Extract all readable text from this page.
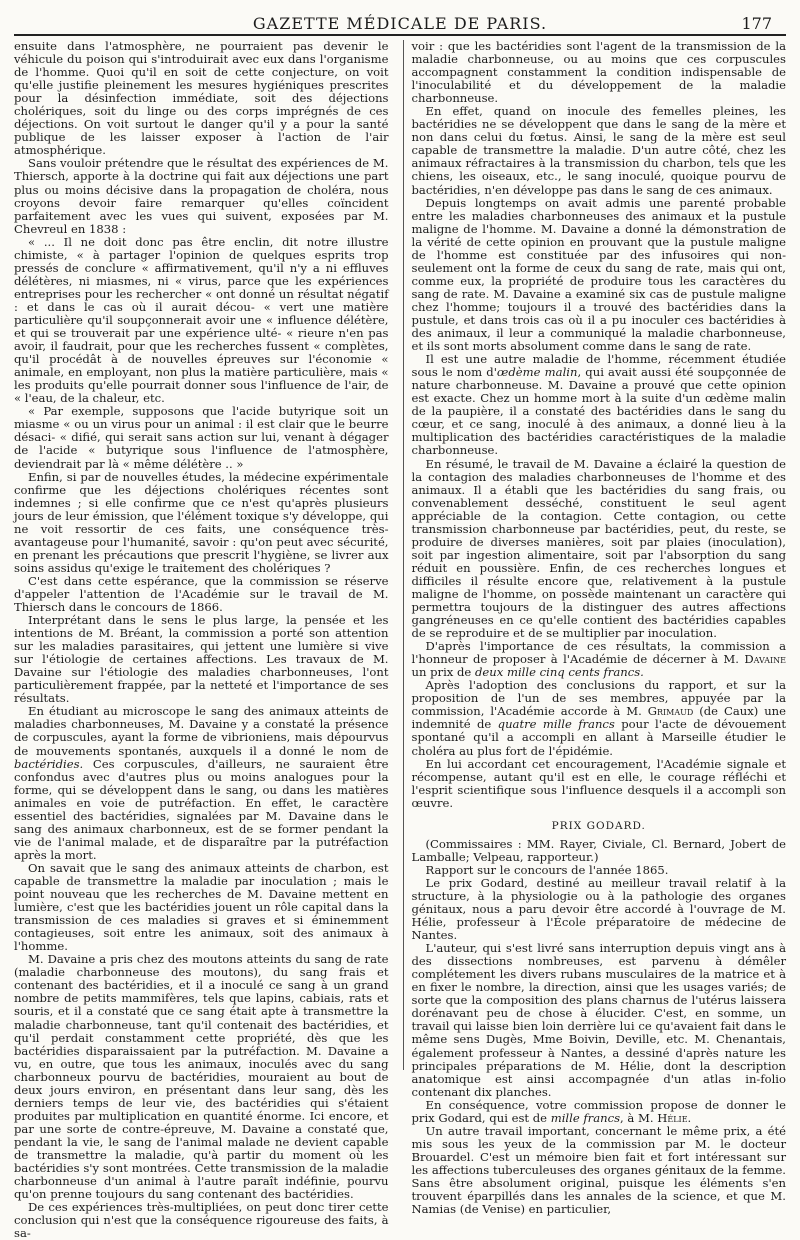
GAZETTE MÉDICALE DE PARIS.	177

ensuite dans l'atmosphère, ne pourraient pas devenir le véhicule du poison qui s'introduirait avec eux dans l'organisme de l'homme. Quoi qu'il en soit de cette conjecture, on voit qu'elle justifie pleinement les mesures hygiéniques prescrites pour la désinfection immédiate, soit des déjections cholériques, soit du linge ou des corps imprégnés de ces déjections. On voit surtout le danger qu'il y a pour la santé publique de les laisser exposer à l'action de l'air atmosphérique.

Sans vouloir prétendre que le résultat des expériences de M. Thiersch, apporte à la doctrine qui fait aux déjections une part plus ou moins décisive dans la propagation de choléra, nous croyons devoir faire remarquer qu'elles coïncident parfaitement avec les vues qui suivent, exposées par M. Chevreul en 1838 :

« ... Il ne doit donc pas être enclin, dit notre illustre chimiste, « à partager l'opinion de quelques esprits trop pressés de conclure « affirmativement, qu'il n'y a ni effluves délétères, ni miasmes, ni « virus, parce que les expériences entreprises pour les rechercher « ont donné un résultat négatif : et dans le cas où il aurait décou- « vert une matière particulière qu'il soupçonnerait avoir une « influence délétère, et qui se trouverait par une expérience ulté- « rieure n'en pas avoir, il faudrait, pour que les recherches fussent « complètes, qu'il procédât à de nouvelles épreuves sur l'économie « animale, en employant, non plus la matière particulière, mais « les produits qu'elle pourrait donner sous l'influence de l'air, de « l'eau, de la chaleur, etc.

« Par exemple, supposons que l'acide butyrique soit un miasme « ou un virus pour un animal : il est clair que le beurre désaci- « difié, qui serait sans action sur lui, venant à dégager de l'acide « butyrique sous l'influence de l'atmosphère, deviendrait par là « même délétère .. »

Enfin, si par de nouvelles études, la médecine expérimentale confirme que les déjections cholériques récentes sont indemnes ; si elle confirme que ce n'est qu'après plusieurs jours de leur émission, que l'élément toxique s'y développe, qui ne voit ressortir de ces faits, une conséquence très-avantageuse pour l'humanité, savoir : qu'on peut avec sécurité, en prenant les précautions que prescrit l'hygiène, se livrer aux soins assidus qu'exige le traitement des cholériques ?

C'est dans cette espérance, que la commission se réserve d'appeler l'attention de l'Académie sur le travail de M. Thiersch dans le concours de 1866.

Interprétant dans le sens le plus large, la pensée et les intentions de M. Bréant, la commission a porté son attention sur les maladies parasitaires, qui jettent une lumière si vive sur l'étiologie de certaines affections. Les travaux de M. Davaine sur l'étiologie des maladies charbonneuses, l'ont particulièrement frappée, par la netteté et l'importance de ses résultats.

En étudiant au microscope le sang des animaux atteints de maladies charbonneuses, M. Davaine y a constaté la présence de corpuscules, ayant la forme de vibrioniens, mais dépourvus de mouvements spontanés, auxquels il a donné le nom de bactéridies. Ces corpuscules, d'ailleurs, ne sauraient être confondus avec d'autres plus ou moins analogues pour la forme, qui se développent dans le sang, ou dans les matières animales en voie de putréfaction. En effet, le caractère essentiel des bactéridies, signalées par M. Davaine dans le sang des animaux charbonneux, est de se former pendant la vie de l'animal malade, et de disparaître par la putréfaction après la mort.

On savait que le sang des animaux atteints de charbon, est capable de transmettre la maladie par inoculation ; mais le point nouveau que les recherches de M. Davaine mettent en lumière, c'est que les bactéridies jouent un rôle capital dans la transmission de ces maladies si graves et si éminemment contagieuses, soit entre les animaux, soit des animaux à l'homme.

M. Davaine a pris chez des moutons atteints du sang de rate (maladie charbonneuse des moutons), du sang frais et contenant des bactéridies, et il a inoculé ce sang à un grand nombre de petits mammifères, tels que lapins, cabiais, rats et souris, et il a constaté que ce sang était apte à transmettre la maladie charbonneuse, tant qu'il contenait des bactéridies, et qu'il perdait constamment cette propriété, dès que les bactéridies disparaissaient par la putréfaction. M. Davaine a vu, en outre, que tous les animaux, inoculés avec du sang charbonneux pourvu de bactéridies, mouraient au bout de deux jours environ, en présentant dans leur sang, dès les derniers temps de leur vie, des bactéridies qui s'étaient produites par multiplication en quantité énorme. Ici encore, et par une sorte de contre-épreuve, M. Davaine a constaté que, pendant la vie, le sang de l'animal malade ne devient capable de transmettre la maladie, qu'à partir du moment où les bactéridies s'y sont montrées. Cette transmission de la maladie charbonneuse d'un animal à l'autre paraît indéfinie, pourvu qu'on prenne toujours du sang contenant des bactéridies.

De ces expériences très-multipliées, on peut donc tirer cette conclusion qui n'est que la conséquence rigoureuse des faits, à sa-

voir : que les bactéridies sont l'agent de la transmission de la maladie charbonneuse, ou au moins que ces corpuscules accompagnent constamment la condition indispensable de l'inoculabilité et du développement de la maladie charbonneuse.

En effet, quand on inocule des femelles pleines, les bactéridies ne se développent que dans le sang de la mère et non dans celui du fœtus. Ainsi, le sang de la mère est seul capable de transmettre la maladie. D'un autre côté, chez les animaux réfractaires à la transmission du charbon, tels que les chiens, les oiseaux, etc., le sang inoculé, quoique pourvu de bactéridies, n'en développe pas dans le sang de ces animaux.

Depuis longtemps on avait admis une parenté probable entre les maladies charbonneuses des animaux et la pustule maligne de l'homme. M. Davaine a donné la démonstration de la vérité de cette opinion en prouvant que la pustule maligne de l'homme est constituée par des infusoires qui non-seulement ont la forme de ceux du sang de rate, mais qui ont, comme eux, la propriété de produire tous les caractères du sang de rate. M. Davaine a examiné six cas de pustule maligne chez l'homme; toujours il a trouvé des bactéridies dans la pustule, et dans trois cas où il a pu inoculer ces bactéridies à des animaux, il leur a communiqué la maladie charbonneuse, et ils sont morts absolument comme dans le sang de rate.

Il est une autre maladie de l'homme, récemment étudiée sous le nom d'œdème malin, qui avait aussi été soupçonnée de nature charbonneuse. M. Davaine a prouvé que cette opinion est exacte. Chez un homme mort à la suite d'un œdème malin de la paupière, il a constaté des bactéridies dans le sang du cœur, et ce sang, inoculé à des animaux, a donné lieu à la multiplication des bactéridies caractéristiques de la maladie charbonneuse.

En résumé, le travail de M. Davaine a éclairé la question de la contagion des maladies charbonneuses de l'homme et des animaux. Il a établi que les bactéridies du sang frais, ou convenablement desséché, constituent le seul agent appréciable de la contagion. Cette contagion, ou cette transmission charbonneuse par bactéridies, peut, du reste, se produire de diverses manières, soit par plaies (inoculation), soit par ingestion alimentaire, soit par l'absorption du sang réduit en poussière. Enfin, de ces recherches longues et difficiles il résulte encore que, relativement à la pustule maligne de l'homme, on possède maintenant un caractère qui permettra toujours de la distinguer des autres affections gangréneuses en ce qu'elle contient des bactéridies capables de se reproduire et de se multiplier par inoculation.

D'après l'importance de ces résultats, la commission a l'honneur de proposer à l'Académie de décerner à M. Davaine un prix de deux mille cinq cents francs.

Après l'adoption des conclusions du rapport, et sur la proposition de l'un de ses membres, appuyée par la commission, l'Académie accorde à M. Grimaud (de Caux) une indemnité de quatre mille francs pour l'acte de dévouement spontané qu'il a accompli en allant à Marseille étudier le choléra au plus fort de l'épidémie.

En lui accordant cet encouragement, l'Académie signale et récompense, autant qu'il est en elle, le courage réfléchi et l'esprit scientifique sous l'influence desquels il a accompli son œuvre.

PRIX GODARD.

(Commissaires : MM. Rayer, Civiale, Cl. Bernard, Jobert de Lamballe; Velpeau, rapporteur.)

Rapport sur le concours de l'année 1865.

Le prix Godard, destiné au meilleur travail relatif à la structure, à la physiologie ou à la pathologie des organes génitaux, nous a paru devoir être accordé à l'ouvrage de M. Hélie, professeur à l'École préparatoire de médecine de Nantes.

L'auteur, qui s'est livré sans interruption depuis vingt ans à des dissections nombreuses, est parvenu à démêler complétement les divers rubans musculaires de la matrice et à en fixer le nombre, la direction, ainsi que les usages variés; de sorte que la composition des plans charnus de l'utérus laissera dorénavant peu de chose à élucider. C'est, en somme, un travail qui laisse bien loin derrière lui ce qu'avaient fait dans le même sens Dugès, Mme Boivin, Deville, etc. M. Chenantais, également professeur à Nantes, a dessiné d'après nature les principales préparations de M. Hélie, dont la description anatomique est ainsi accompagnée d'un atlas in-folio contenant dix planches.

En conséquence, votre commission propose de donner le prix Godard, qui est de mille francs, à M. Hélie.

Un autre travail important, concernant le même prix, a été mis sous les yeux de la commission par M. le docteur Brouardel. C'est un mémoire bien fait et fort intéressant sur les affections tuberculeuses des organes génitaux de la femme. Sans être absolument original, puisque les éléments s'en trouvent éparpillés dans les annales de la science, et que M. Namias (de Venise) en particulier,
